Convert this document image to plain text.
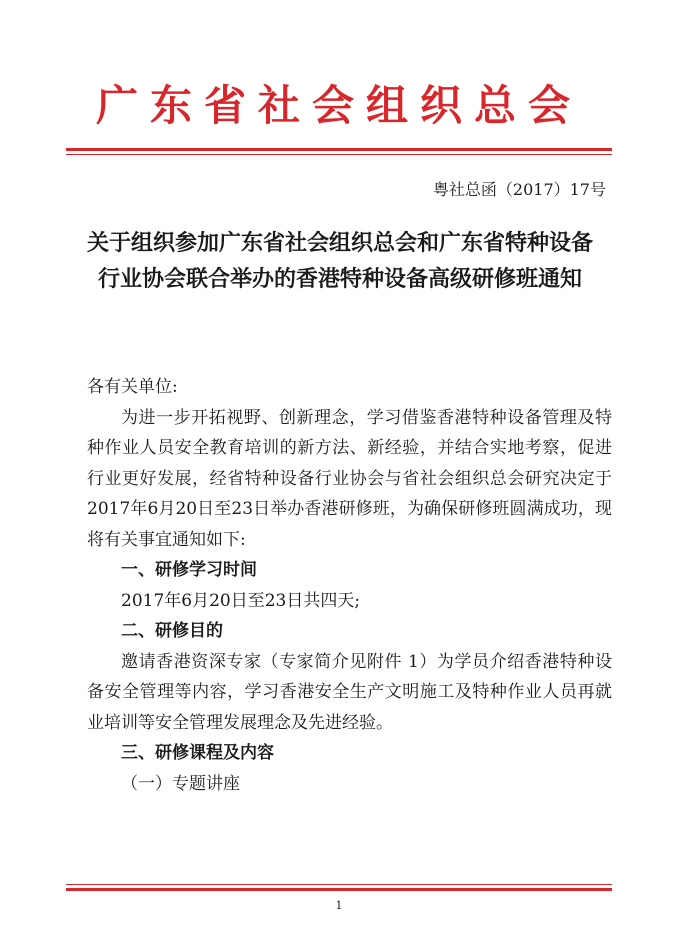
广东省社会组织总会
粤社总函（2017）17号
关于组织参加广东省社会组织总会和广东省特种设备行业协会联合举办的香港特种设备高级研修班通知

各有关单位:

为进一步开拓视野、创新理念，学习借鉴香港特种设备管理及特种作业人员安全教育培训的新方法、新经验，并结合实地考察，促进行业更好发展，经省特种设备行业协会与省社会组织总会研究决定于2017年6月20日至23日举办香港研修班，为确保研修班圆满成功，现将有关事宜通知如下:

一、研修学习时间

2017年6月20日至23日共四天;

二、研修目的

邀请香港资深专家（专家简介见附件 1）为学员介绍香港特种设备安全管理等内容，学习香港安全生产文明施工及特种作业人员再就业培训等安全管理发展理念及先进经验。

三、研修课程及内容

（一）专题讲座

1
